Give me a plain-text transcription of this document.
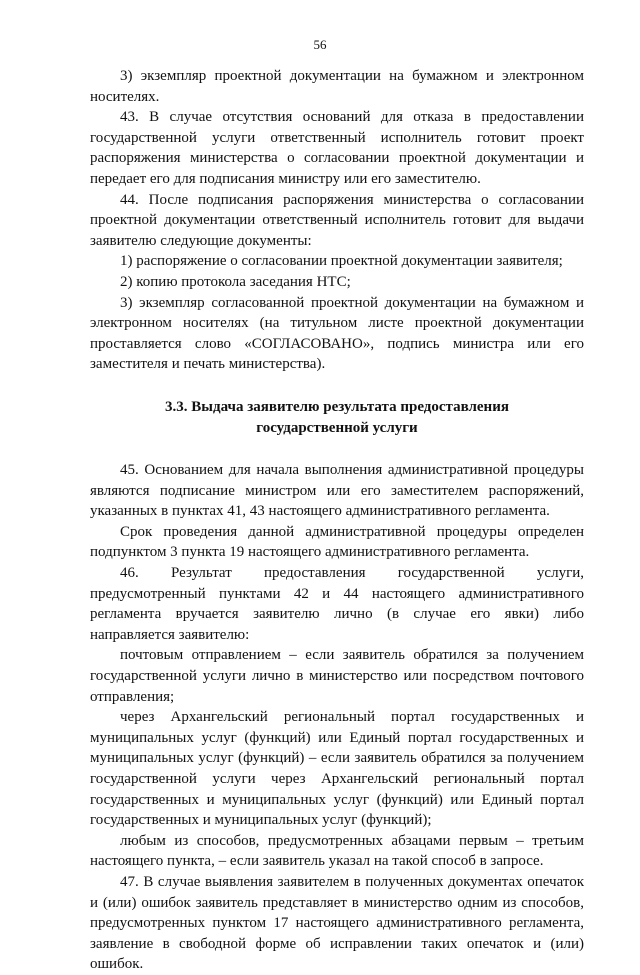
56

3) экземпляр проектной документации на бумажном и электронном носителях.

43. В случае отсутствия оснований для отказа в предоставлении государственной услуги ответственный исполнитель готовит проект распоряжения министерства о согласовании проектной документации и передает его для подписания министру или его заместителю.

44. После подписания распоряжения министерства о согласовании проектной документации ответственный исполнитель готовит для выдачи заявителю следующие документы:

1) распоряжение о согласовании проектной документации заявителя;

2) копию протокола заседания НТС;

3) экземпляр согласованной проектной документации на бумажном и электронном носителях (на титульном листе проектной документации проставляется слово «СОГЛАСОВАНО», подпись министра или его заместителя и печать министерства).

3.3. Выдача заявителю результата предоставления государственной услуги

45. Основанием для начала выполнения административной процедуры являются подписание министром или его заместителем распоряжений, указанных в пунктах 41, 43 настоящего административного регламента.

Срок проведения данной административной процедуры определен подпунктом 3 пункта 19 настоящего административного регламента.

46. Результат предоставления государственной услуги, предусмотренный пунктами 42 и 44 настоящего административного регламента вручается заявителю лично (в случае его явки) либо направляется заявителю:

почтовым отправлением – если заявитель обратился за получением государственной услуги лично в министерство или посредством почтового отправления;

через Архангельский региональный портал государственных и муниципальных услуг (функций) или Единый портал государственных и муниципальных услуг (функций) – если заявитель обратился за получением государственной услуги через Архангельский региональный портал государственных и муниципальных услуг (функций) или Единый портал государственных и муниципальных услуг (функций);

любым из способов, предусмотренных абзацами первым – третьим настоящего пункта, – если заявитель указал на такой способ в запросе.

47. В случае выявления заявителем в полученных документах опечаток и (или) ошибок заявитель представляет в министерство одним из способов, предусмотренных пунктом 17 настоящего административного регламента, заявление в свободной форме об исправлении таких опечаток и (или) ошибок.
